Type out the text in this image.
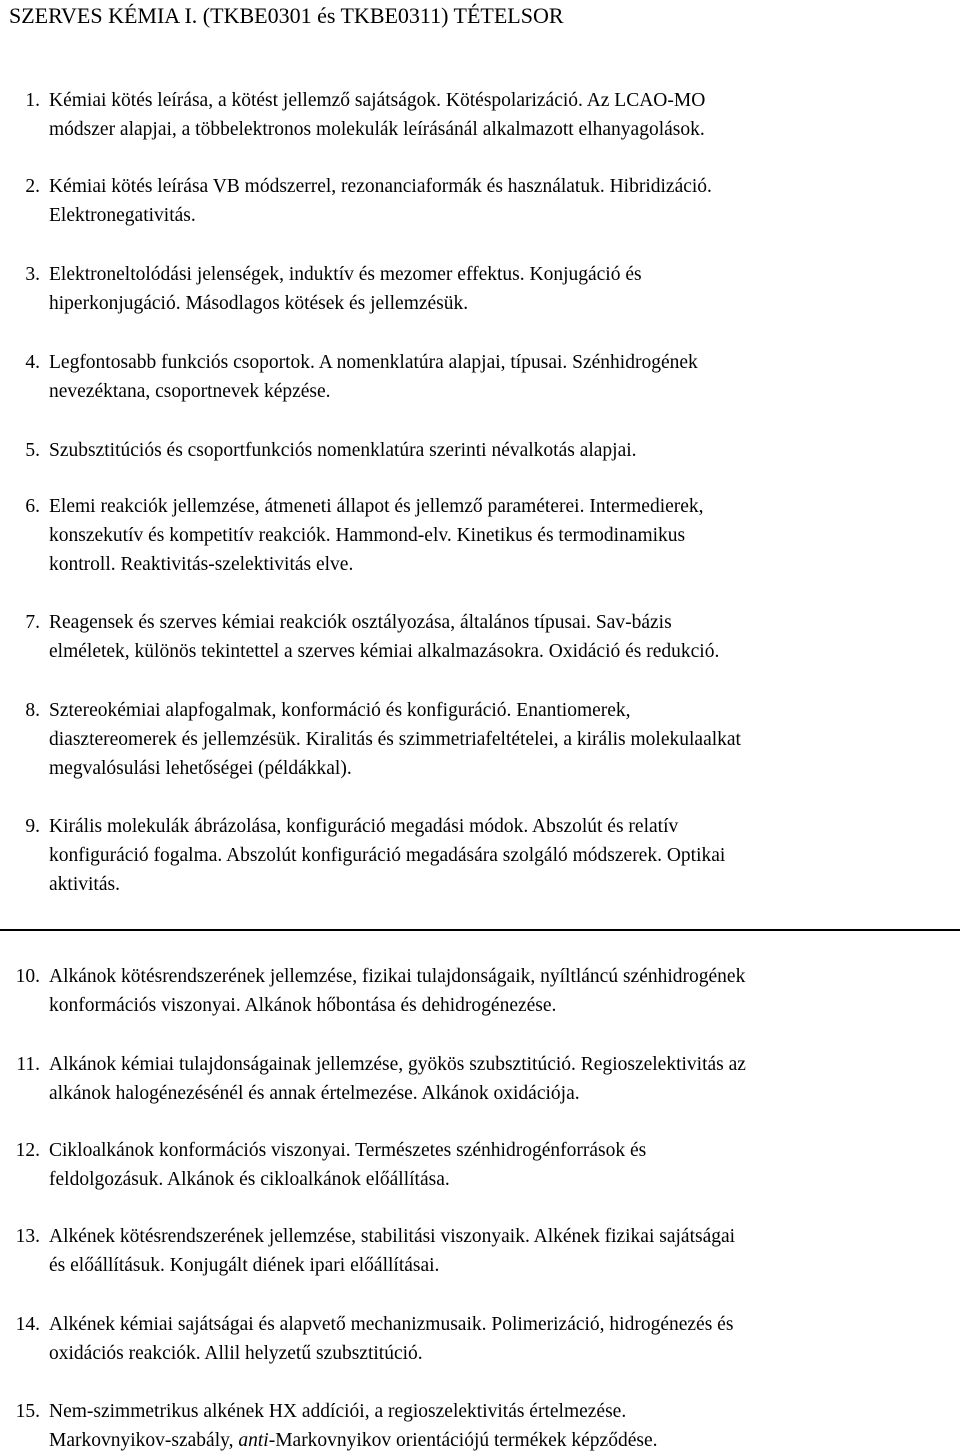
SZERVES KÉMIA I. (TKBE0301 és TKBE0311) TÉTELSOR
1. Kémiai kötés leírása, a kötést jellemző sajátságok. Kötéspolarizáció. Az LCAO-MO
módszer alapjai, a többelektronos molekulák leírásánál alkalmazott elhanyagolások.
2. Kémiai kötés leírása VB módszerrel, rezonanciaformák és használatuk. Hibridizáció.
Elektronegativitás.
3. Elektroneltolódási jelenségek, induktív és mezomer effektus. Konjugáció és
hiperkonjugáció. Másodlagos kötések és jellemzésük.
4. Legfontosabb funkciós csoportok. A nomenklatúra alapjai, típusai. Szénhidrogének
nevezéktana, csoportnevek képzése.
5. Szubsztitúciós és csoportfunkciós nomenklatúra szerinti névalkotás alapjai.
6. Elemi reakciók jellemzése, átmeneti állapot és jellemző paraméterei. Intermedierek,
konszekutív és kompetitív reakciók. Hammond-elv. Kinetikus és termodinamikus
kontroll. Reaktivitás-szelektivitás elve.
7. Reagensek és szerves kémiai reakciók osztályozása, általános típusai. Sav-bázis
elméletek, különös tekintettel a szerves kémiai alkalmazásokra. Oxidáció és redukció.
8. Sztereokémiai alapfogalmak, konformáció és konfiguráció. Enantiomerek,
diasztereomerek és jellemzésük. Kiralitás és szimmetriafeltételei, a királis molekulaalkat
megvalósulási lehetőségei (példákkal).
9. Királis molekulák ábrázolása, konfiguráció megadási módok. Abszolút és relatív
konfiguráció fogalma. Abszolút konfiguráció megadására szolgáló módszerek. Optikai
aktivitás.
10. Alkánok kötésrendszerének jellemzése, fizikai tulajdonságaik, nyíltláncú szénhidrogének
konformációs viszonyai. Alkánok hőbontása és dehidrogénezése.
11. Alkánok kémiai tulajdonságainak jellemzése, gyökös szubsztitúció. Regioszelektivitás az
alkánok halogénezésénél és annak értelmezése. Alkánok oxidációja.
12. Cikloalkánok konformációs viszonyai. Természetes szénhidrogénforrások és
feldolgozásuk. Alkánok és cikloalkánok előállítása.
13. Alkének kötésrendszerének jellemzése, stabilitási viszonyaik. Alkének fizikai sajátságai
és előállításuk. Konjugált diének ipari előállításai.
14. Alkének kémiai sajátságai és alapvető mechanizmusaik. Polimerizáció, hidrogénezés és
oxidációs reakciók. Allil helyzetű szubsztitúció.
15. Nem-szimmetrikus alkének HX addíciói, a regioszelektivitás értelmezése.
Markovnyikov-szabály, anti-Markovnyikov orientációjú termékek képződése.
